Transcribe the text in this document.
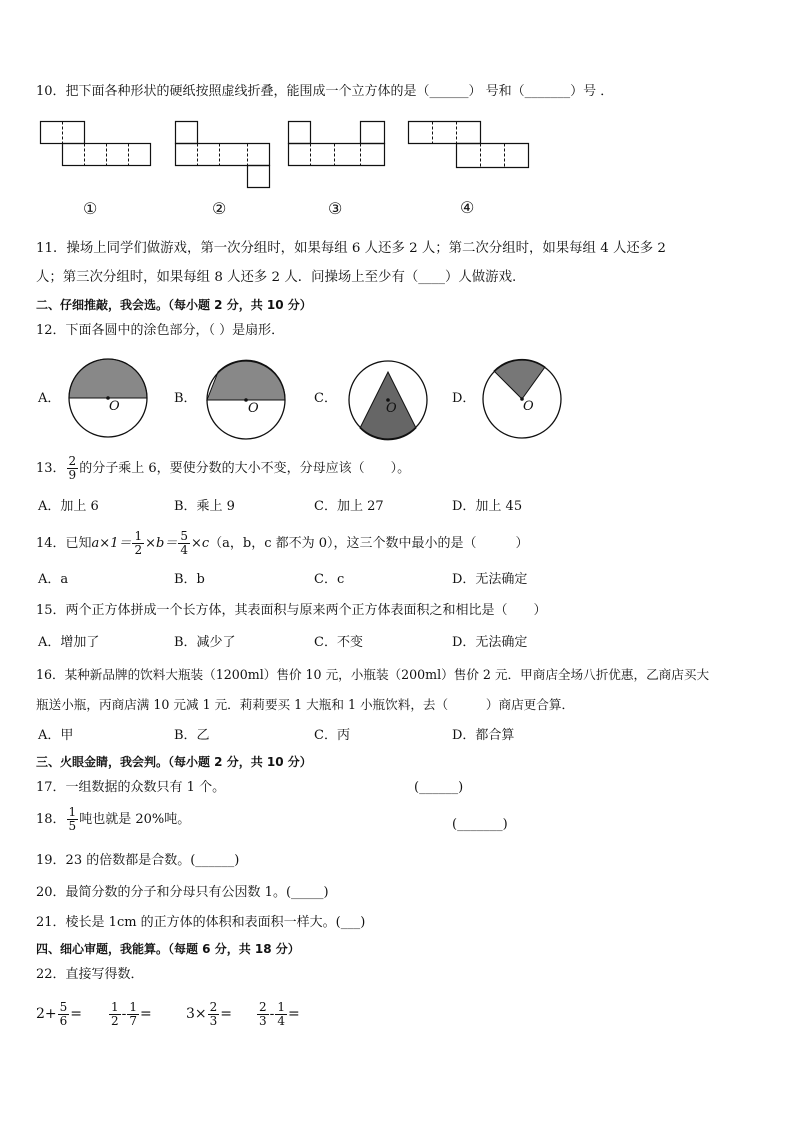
10．把下面各种形状的硬纸按照虚线折叠，能围成一个立方体的是（______） 号和（_______）号 ．
①	②	③	④
11．操场上同学们做游戏，第一次分组时，如果每组 6 人还多 2 人；第二次分组时，如果每组 4 人还多 2
人；第三次分组时，如果每组 8 人还多 2 人．问操场上至少有（____）人做游戏.
二、仔细推敲，我会选。（每小题 2 分，共 10 分）
12．下面各圆中的涂色部分，（ ）是扇形．
A．
O
B．
O
C．
O
D．
O
13． $\frac{2}{9}$ 的分子乘上 6，要使分数的大小不变，分母应该（　　）。
A．加上 6	B．乘上 9	C．加上 27	D．加上 45
14．已知$a\times 1= \frac{1}{2} \times b= \frac{5}{4} \times c(a$，b，c 都不为 0），这三个数中最小的是（　　　）
A．a	B．b	C．c	D．无法确定
15．两个正方体拼成一个长方体，其表面积与原来两个正方体表面积之和相比是（　　）
A．增加了	B．减少了	C．不变	D．无法确定
16．某种新品牌的饮料大瓶装（1200ml）售价 10 元，小瓶装（200ml）售价 2 元．甲商店全场八折优惠，乙商店买大
瓶送小瓶，丙商店满 10 元减 1 元．莉莉要买 1 大瓶和 1 小瓶饮料，去（　　　）商店更合算．
A．甲	B．乙	C．丙	D．都合算
三、火眼金睛，我会判。（每小题 2 分，共 10 分）
17．一组数据的众数只有 1 个。	(______)
18． $\frac{1}{5}$ 吨也就是 20%吨。	(_______)
19．23 的倍数都是合数。(______)
20．最简分数的分子和分母只有公因数 1。(_____)
21．棱长是 1cm 的正方体的体积和表面积一样大。(___)
四、细心审题，我能算。（每题 6 分，共 18 分）
22．直接写得数．
$2+ \frac{5}{6} = \frac{1}{2} - \frac{1}{7} = 3\times \frac{2}{3} = \frac{2}{3} - \frac{1}{4}$ =
